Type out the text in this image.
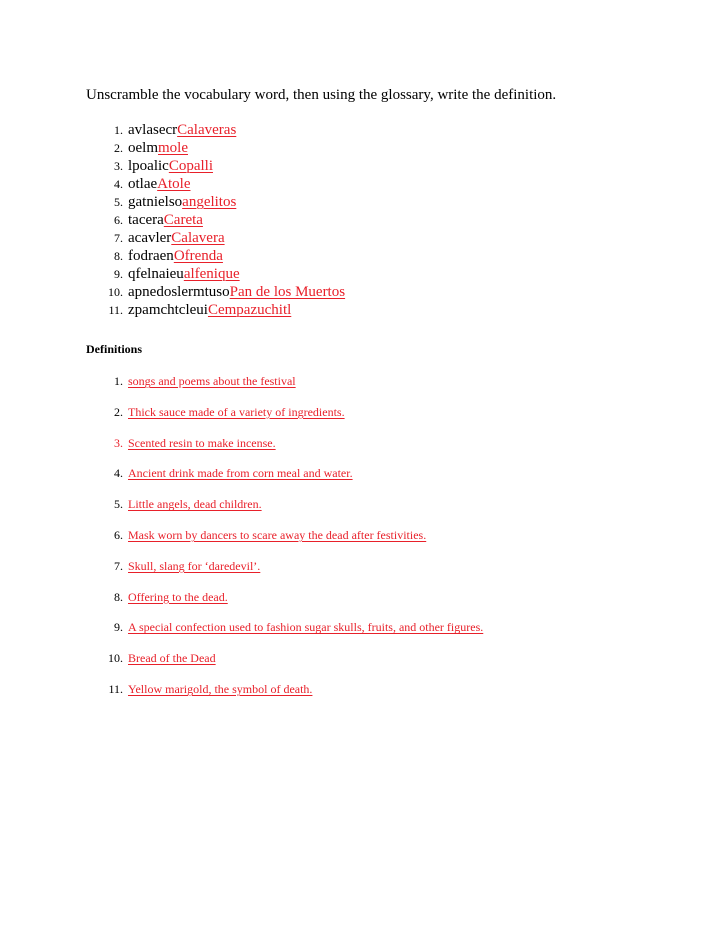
Unscramble the vocabulary word, then using the glossary, write the definition.
1. avlasecrCalaveras
2. oelmmole
3. lpoalicCopalli
4. otlaeAtole
5. gatnielsoangelitos
6. taceraCareta
7. acavlerCalavera
8. fodraenOfrenda
9. qfelnaieualfenique
10. apnedoslermtusoPan de los Muertos
11. zpamchtcleuiCempazuchitl
Definitions
1. songs and poems about the festival
2. Thick sauce made of a variety of ingredients.
3. Scented resin to make incense.
4. Ancient drink made from corn meal and water.
5. Little angels, dead children.
6. Mask worn by dancers to scare away the dead after festivities.
7. Skull, slang for ‘daredevil’.
8. Offering to the dead.
9. A special confection used to fashion sugar skulls, fruits, and other figures.
10. Bread of the Dead
11. Yellow marigold, the symbol of death.
